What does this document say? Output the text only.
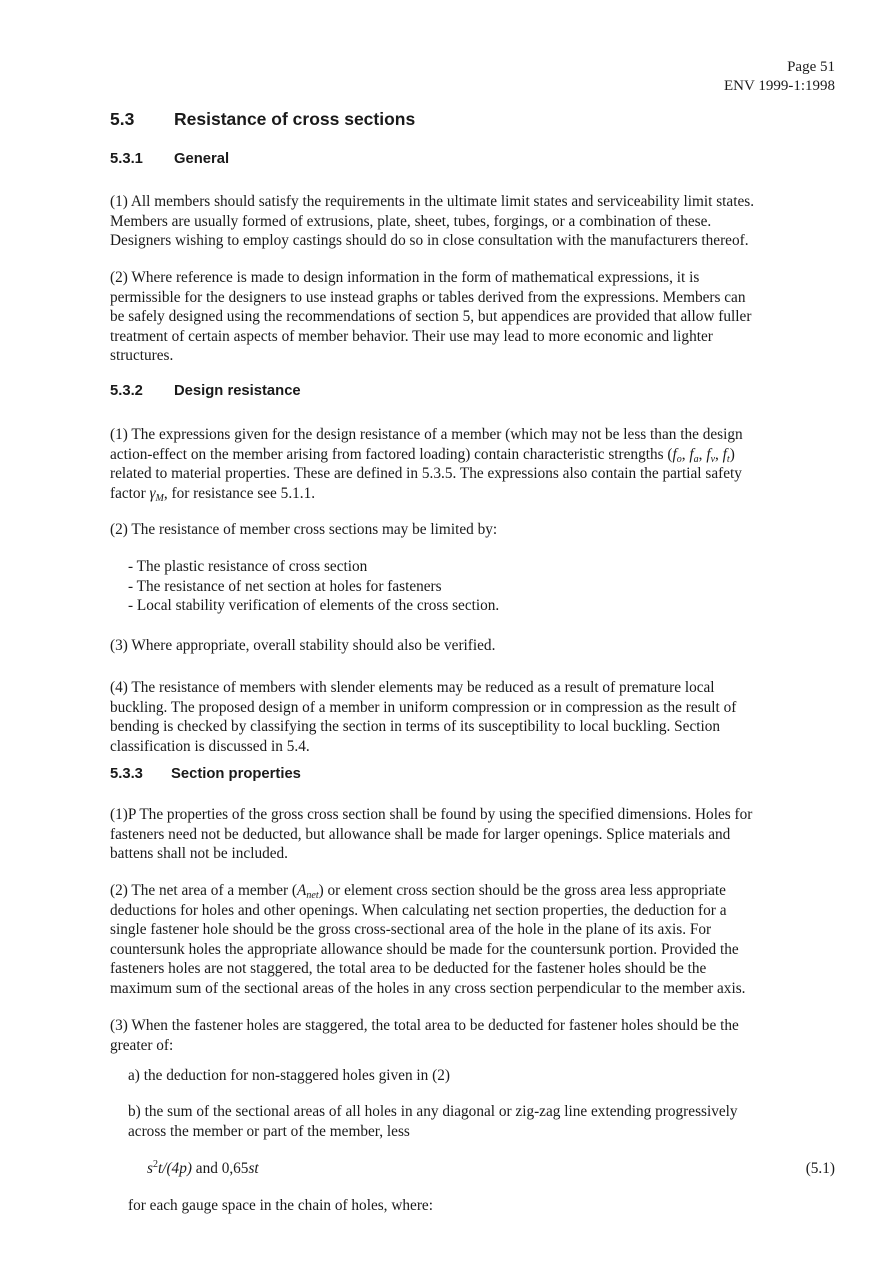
Page 51
ENV 1999-1:1998
5.3 Resistance of cross sections
5.3.1 General
(1) All members should satisfy the requirements in the ultimate limit states and serviceability limit states.
Members are usually formed of extrusions, plate, sheet, tubes, forgings, or a combination of these.
Designers wishing to employ castings should do so in close consultation with the manufacturers thereof.
(2) Where reference is made to design information in the form of mathematical expressions, it is
permissible for the designers to use instead graphs or tables derived from the expressions. Members can
be safely designed using the recommendations of section 5, but appendices are provided that allow fuller
treatment of certain aspects of member behavior. Their use may lead to more economic and lighter
structures.
5.3.2 Design resistance
(1) The expressions given for the design resistance of a member (which may not be less than the design
action-effect on the member arising from factored loading) contain characteristic strengths ($f_o$, $f_a$, $f_v$, $f_t$)
related to material properties. These are defined in 5.3.5. The expressions also contain the partial safety
factor $\gamma_M$, for resistance see 5.1.1.
(2) The resistance of member cross sections may be limited by:
- The plastic resistance of cross section
- The resistance of net section at holes for fasteners
- Local stability verification of elements of the cross section.
(3) Where appropriate, overall stability should also be verified.
(4) The resistance of members with slender elements may be reduced as a result of premature local
buckling. The proposed design of a member in uniform compression or in compression as the result of
bending is checked by classifying the section in terms of its susceptibility to local buckling. Section
classification is discussed in 5.4.
5.3.3 Section properties
(1)P The properties of the gross cross section shall be found by using the specified dimensions. Holes for
fasteners need not be deducted, but allowance shall be made for larger openings. Splice materials and
battens shall not be included.
(2) The net area of a member $(A_{net})$ or element cross section should be the gross area less appropriate
deductions for holes and other openings. When calculating net section properties, the deduction for a
single fastener hole should be the gross cross-sectional area of the hole in the plane of its axis. For
countersunk holes the appropriate allowance should be made for the countersunk portion. Provided the
fasteners holes are not staggered, the total area to be deducted for the fastener holes should be the
maximum sum of the sectional areas of the holes in any cross section perpendicular to the member axis.
(3) When the fastener holes are staggered, the total area to be deducted for fastener holes should be the
greater of:
a) the deduction for non-staggered holes given in (2)
b) the sum of the sectional areas of all holes in any diagonal or zig-zag line extending progressively
across the member or part of the member, less
$s^2t/(4p)$ and 0,65st	(5.1)
for each gauge space in the chain of holes, where:
